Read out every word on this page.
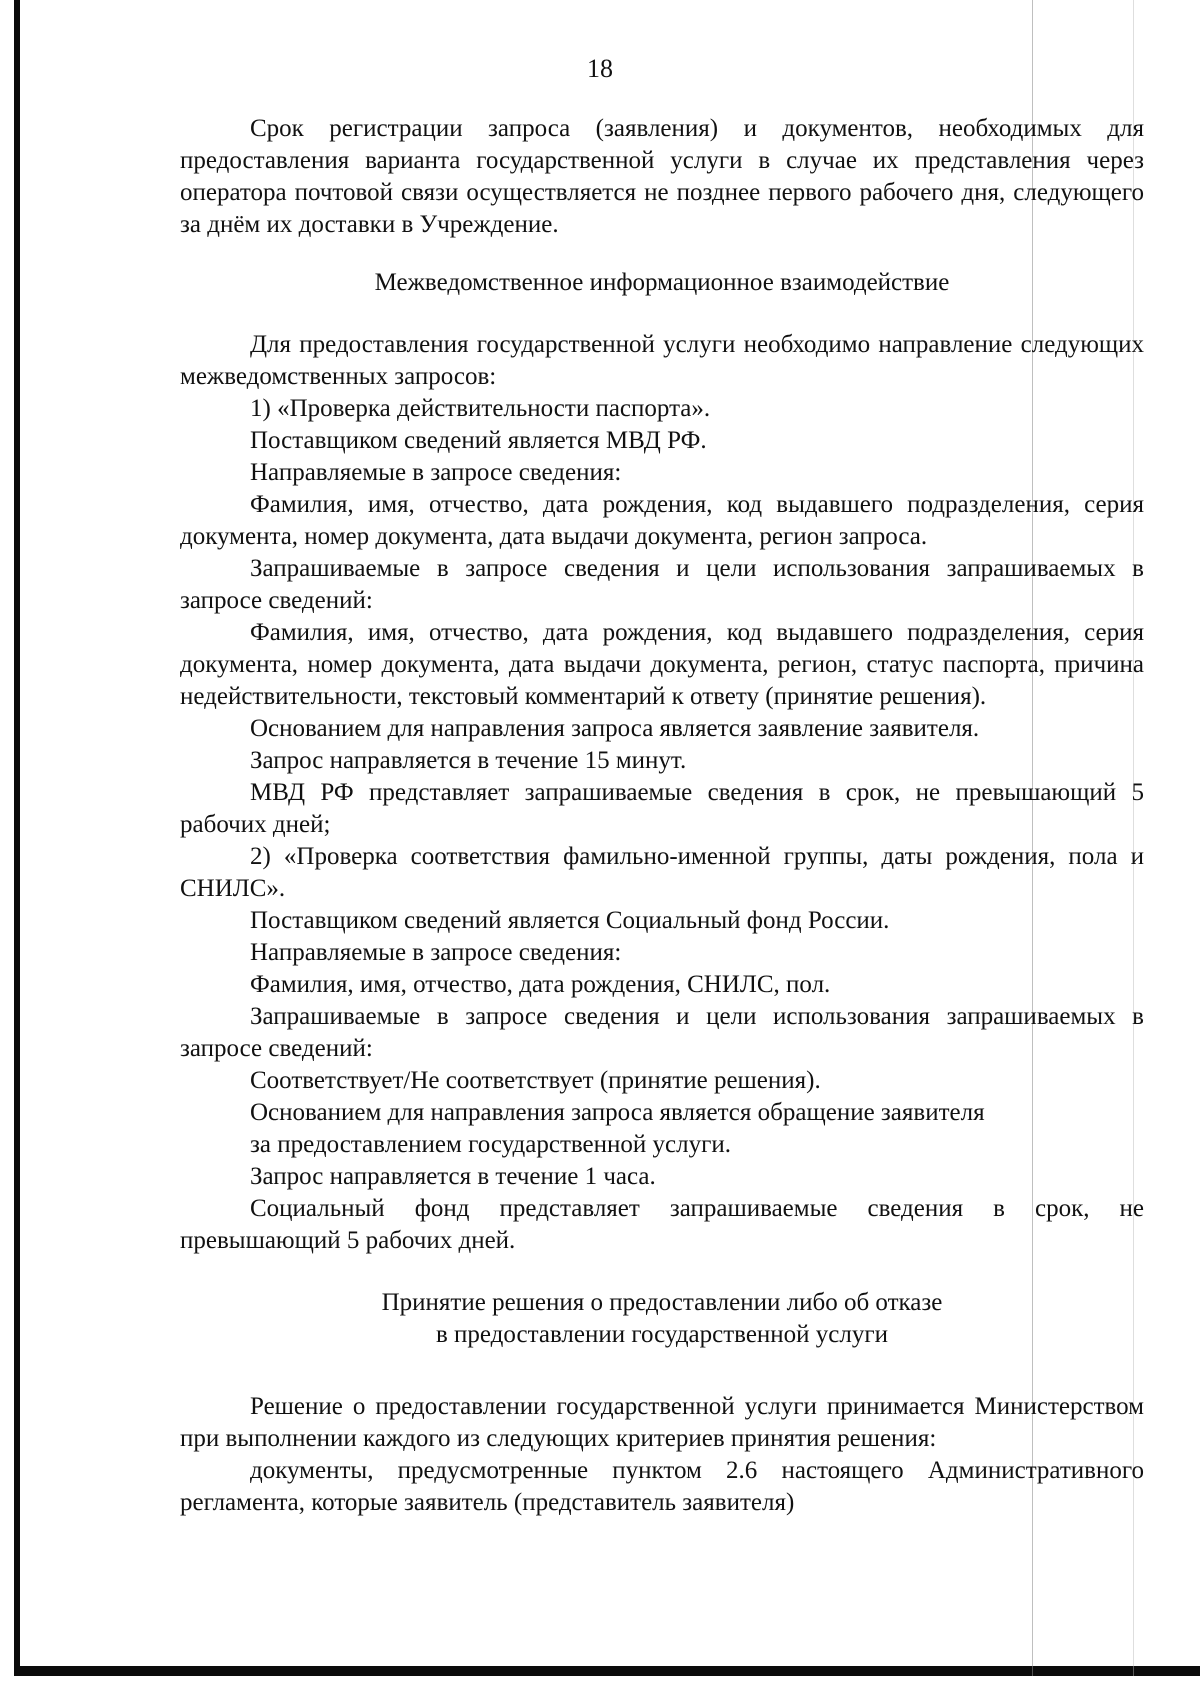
18

Срок регистрации запроса (заявления) и документов, необходимых для предоставления варианта государственной услуги в случае их представления через оператора почтовой связи осуществляется не позднее первого рабочего дня, следующего за днём их доставки в Учреждение.

Межведомственное информационное взаимодействие

Для предоставления государственной услуги необходимо направление следующих межведомственных запросов:

1) «Проверка действительности паспорта».

Поставщиком сведений является МВД РФ.

Направляемые в запросе сведения:

Фамилия, имя, отчество, дата рождения, код выдавшего подразделения, серия документа, номер документа, дата выдачи документа, регион запроса.

Запрашиваемые в запросе сведения и цели использования запрашиваемых в запросе сведений:

Фамилия, имя, отчество, дата рождения, код выдавшего подразделения, серия документа, номер документа, дата выдачи документа, регион, статус паспорта, причина недействительности, текстовый комментарий к ответу (принятие решения).

Основанием для направления запроса является заявление заявителя.

Запрос направляется в течение 15 минут.

МВД РФ представляет запрашиваемые сведения в срок, не превышающий 5 рабочих дней;

2) «Проверка соответствия фамильно-именной группы, даты рождения, пола и СНИЛС».

Поставщиком сведений является Социальный фонд России.

Направляемые в запросе сведения:

Фамилия, имя, отчество, дата рождения, СНИЛС, пол.

Запрашиваемые в запросе сведения и цели использования запрашиваемых в запросе сведений:

Соответствует/Не соответствует (принятие решения).

Основанием для направления запроса является обращение заявителя

за предоставлением государственной услуги.

Запрос направляется в течение 1 часа.

Социальный фонд представляет запрашиваемые сведения в срок, не превышающий 5 рабочих дней.

Принятие решения о предоставлении либо об отказе
в предоставлении государственной услуги

Решение о предоставлении государственной услуги принимается Министерством при выполнении каждого из следующих критериев принятия решения:

документы, предусмотренные пунктом 2.6 настоящего Административного регламента, которые заявитель (представитель заявителя)
